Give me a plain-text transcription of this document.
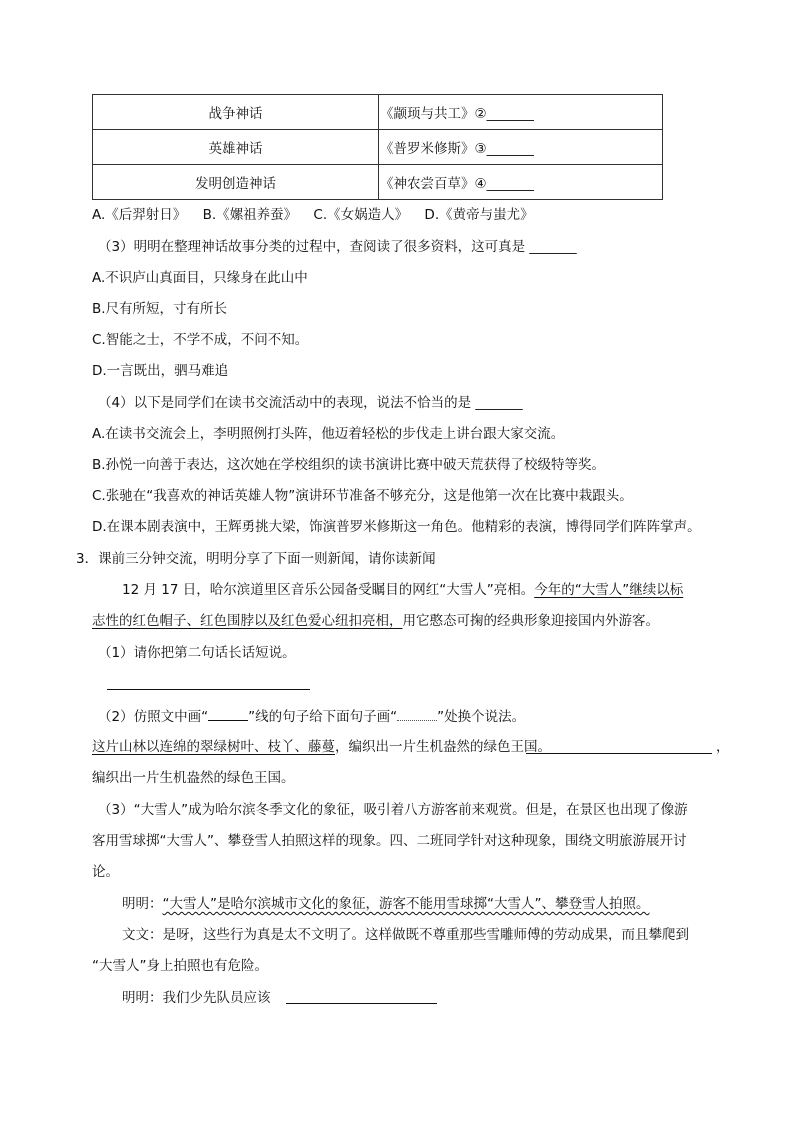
战争神话	《颛顼与共工》②_______
英雄神话	《普罗米修斯》③_______
发明创造神话	《神农尝百草》④_______
A.《后羿射日》 B.《嫘祖养蚕》 C.《女娲造人》 D.《黄帝与蚩尤》
（3）明明在整理神话故事分类的过程中，查阅读了很多资料，这可真是 _______
A.不识庐山真面目，只缘身在此山中
B.尺有所短，寸有所长
C.智能之士，不学不成，不问不知。
D.一言既出，驷马难追
（4）以下是同学们在读书交流活动中的表现，说法不恰当的是 _______
A.在读书交流会上，李明照例打头阵，他迈着轻松的步伐走上讲台跟大家交流。
B.孙悦一向善于表达，这次她在学校组织的读书演讲比赛中破天荒获得了校级特等奖。
C.张驰在“我喜欢的神话英雄人物”演讲环节准备不够充分，这是他第一次在比赛中栽跟头。
D.在课本剧表演中，王辉勇挑大梁，饰演普罗米修斯这一角色。他精彩的表演，博得同学们阵阵掌声。
3．课前三分钟交流，明明分享了下面一则新闻，请你读新闻
12 月 17 日，哈尔滨道里区音乐公园备受瞩目的网红“大雪人”亮相。今年的“大雪人”继续以标
志性的红色帽子、红色围脖以及红色爱心纽扣亮相，用它憨态可掬的经典形象迎接国内外游客。
（1）请你把第二句话长话短说。
（2）仿照文中画“	”线的句子给下面句子画“	”处换个说法。
这片山林以连绵的翠绿树叶、枝丫、藤蔓，编织出一片生机盎然的绿色王国。	，
编织出一片生机盎然的绿色王国。
（3）“大雪人”成为哈尔滨冬季文化的象征，吸引着八方游客前来观赏。但是，在景区也出现了像游
客用雪球掷“大雪人”、攀登雪人拍照这样的现象。四、二班同学针对这种现象，围绕文明旅游展开讨
论。
明明：“大雪人”是哈尔滨城市文化的象征，游客不能用雪球掷“大雪人”、攀登雪人拍照。
文文：是呀，这些行为真是太不文明了。这样做既不尊重那些雪雕师傅的劳动成果，而且攀爬到
“大雪人”身上拍照也有危险。
明明：我们少先队员应该
